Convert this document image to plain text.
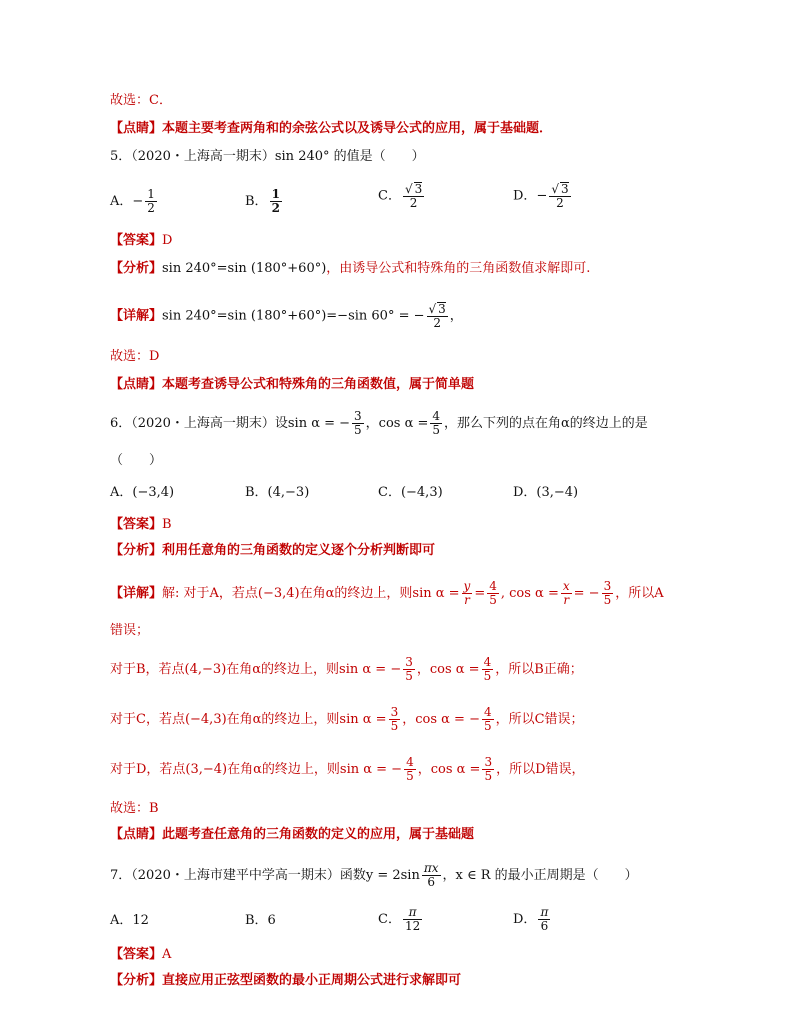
故选：C．
【点睛】本题主要考查两角和的余弦公式以及诱导公式的应用，属于基础题．
5．（2020・上海高一期末）sin 240° 的值是（　　）
A．− $\frac{1}{2}$	B． $\frac{1}{2}$	C． $\frac{√ 3}{2}$	D．− $\frac{√ 3}{2}$
【答案】D
【分析】sin 240°=sin (180°+60°)，由诱导公式和特殊角的三角函数值求解即可.
【详解】sin 240°=sin (180°+60°)=−sin 60° = − $\frac{√ 3}{2}$ ，
故选：D
【点睛】本题考查诱导公式和特殊角的三角函数值，属于简单题
6．（2020・上海高一期末）设sin α = − $\frac{3}{5}$ ，$\cos \alpha = \frac{4}{5}$ ，那么下列的点在角α的终边上的是
（　　）
A．(−3,4)	B．(4,−3)	C．(−4,3)	D．(3,−4)
【答案】B
【分析】利用任意角的三角函数的定义逐个分析判断即可
【详解】解: 对于A，若点(−3,4)在角α的终边上，则$\sin \alpha = \frac{y}{r} = \frac{4}{5}$ , $\cos \alpha = \frac{x}{r}$ = − $\frac{3}{5}$ ，所以A
错误；
对于B，若点(4,−3)在角α的终边上，则sin α = − $\frac{3}{5}$ ，$\cos \alpha = \frac{4}{5}$ ，所以B正确；
对于C，若点(−4,3)在角α的终边上，则$\sin \alpha = \frac{3}{5}$ ，cos α = − $\frac{4}{5}$ ，所以C错误；
对于D，若点(3,−4)在角α的终边上，则sin α = − $\frac{4}{5}$ ，$\cos \alpha = \frac{3}{5}$ ，所以D错误，
故选：B
【点睛】此题考查任意角的三角函数的定义的应用，属于基础题
7．（2020・上海市建平中学高一期末）函数$y = 2\sin \frac{\pi x}{6}$ ，x ∈ R 的最小正周期是（　　）
A．12	B．6	C． $\frac{\pi}{12}$	D． $\frac{\pi}{6}$
【答案】A
【分析】直接应用正弦型函数的最小正周期公式进行求解即可
